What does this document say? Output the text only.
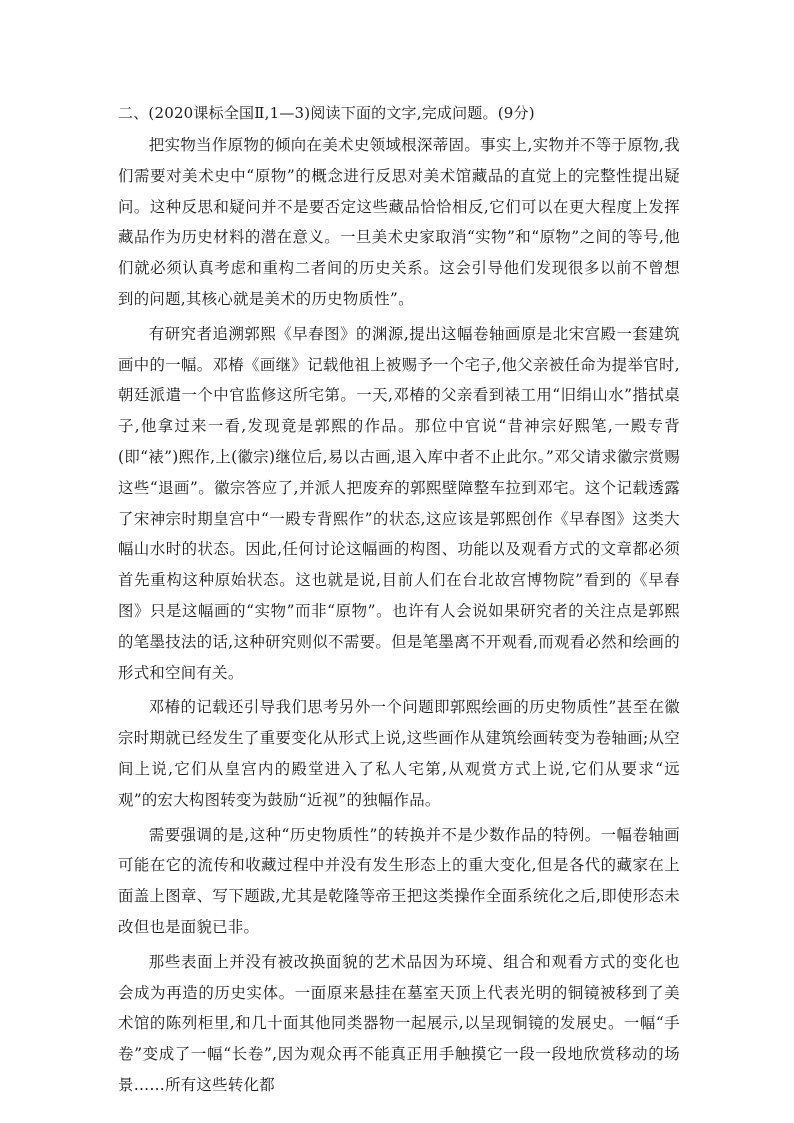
二、(2020课标全国Ⅱ,1—3)阅读下面的文字,完成问题。(9分)

把实物当作原物的倾向在美术史领域根深蒂固。事实上,实物并不等于原物,我们需要对美术史中“原物”的概念进行反思对美术馆藏品的直觉上的完整性提出疑问。这种反思和疑问并不是要否定这些藏品恰恰相反,它们可以在更大程度上发挥藏品作为历史材料的潜在意义。一旦美术史家取消“实物”和“原物”之间的等号,他们就必须认真考虑和重构二者间的历史关系。这会引导他们发现很多以前不曾想到的问题,其核心就是美术的历史物质性”。

有研究者追溯郭熙《早春图》的渊源,提出这幅卷轴画原是北宋宫殿一套建筑画中的一幅。邓椿《画继》记载他祖上被赐予一个宅子,他父亲被任命为提举官时,朝廷派遣一个中官监修这所宅第。一天,邓椿的父亲看到裱工用“旧绢山水”揩拭桌子,他拿过来一看,发现竟是郭熙的作品。那位中官说“昔神宗好熙笔,一殿专背(即“裱”)熙作,上(徽宗)继位后,易以古画,退入库中者不止此尔。”邓父请求徽宗赏赐这些“退画”。徽宗答应了,并派人把废弃的郭熙壁障整车拉到邓宅。这个记载透露了宋神宗时期皇宫中“一殿专背熙作”的状态,这应该是郭熙创作《早春图》这类大幅山水时的状态。因此,任何讨论这幅画的构图、功能以及观看方式的文章都必须首先重构这种原始状态。这也就是说,目前人们在台北故宫博物院”看到的《早春图》只是这幅画的“实物”而非“原物”。也许有人会说如果研究者的关注点是郭熙的笔墨技法的话,这种研究则似不需要。但是笔墨离不开观看,而观看必然和绘画的形式和空间有关。

邓椿的记载还引导我们思考另外一个问题即郭熙绘画的历史物质性”甚至在徽宗时期就已经发生了重要变化从形式上说,这些画作从建筑绘画转变为卷轴画;从空间上说,它们从皇宫内的殿堂进入了私人宅第,从观赏方式上说,它们从要求“远观”的宏大构图转变为鼓励“近视”的独幅作品。

需要强调的是,这种“历史物质性”的转换并不是少数作品的特例。一幅卷轴画可能在它的流传和收藏过程中并没有发生形态上的重大变化,但是各代的藏家在上面盖上图章、写下题跋,尤其是乾隆等帝王把这类操作全面系统化之后,即使形态未改但也是面貌已非。

那些表面上并没有被改换面貌的艺术品因为环境、组合和观看方式的变化也会成为再造的历史实体。一面原来悬挂在墓室天顶上代表光明的铜镜被移到了美术馆的陈列柜里,和几十面其他同类器物一起展示,以呈现铜镜的发展史。一幅“手卷”变成了一幅“长卷”,因为观众再不能真正用手触摸它一段一段地欣赏移动的场景……所有这些转化都
